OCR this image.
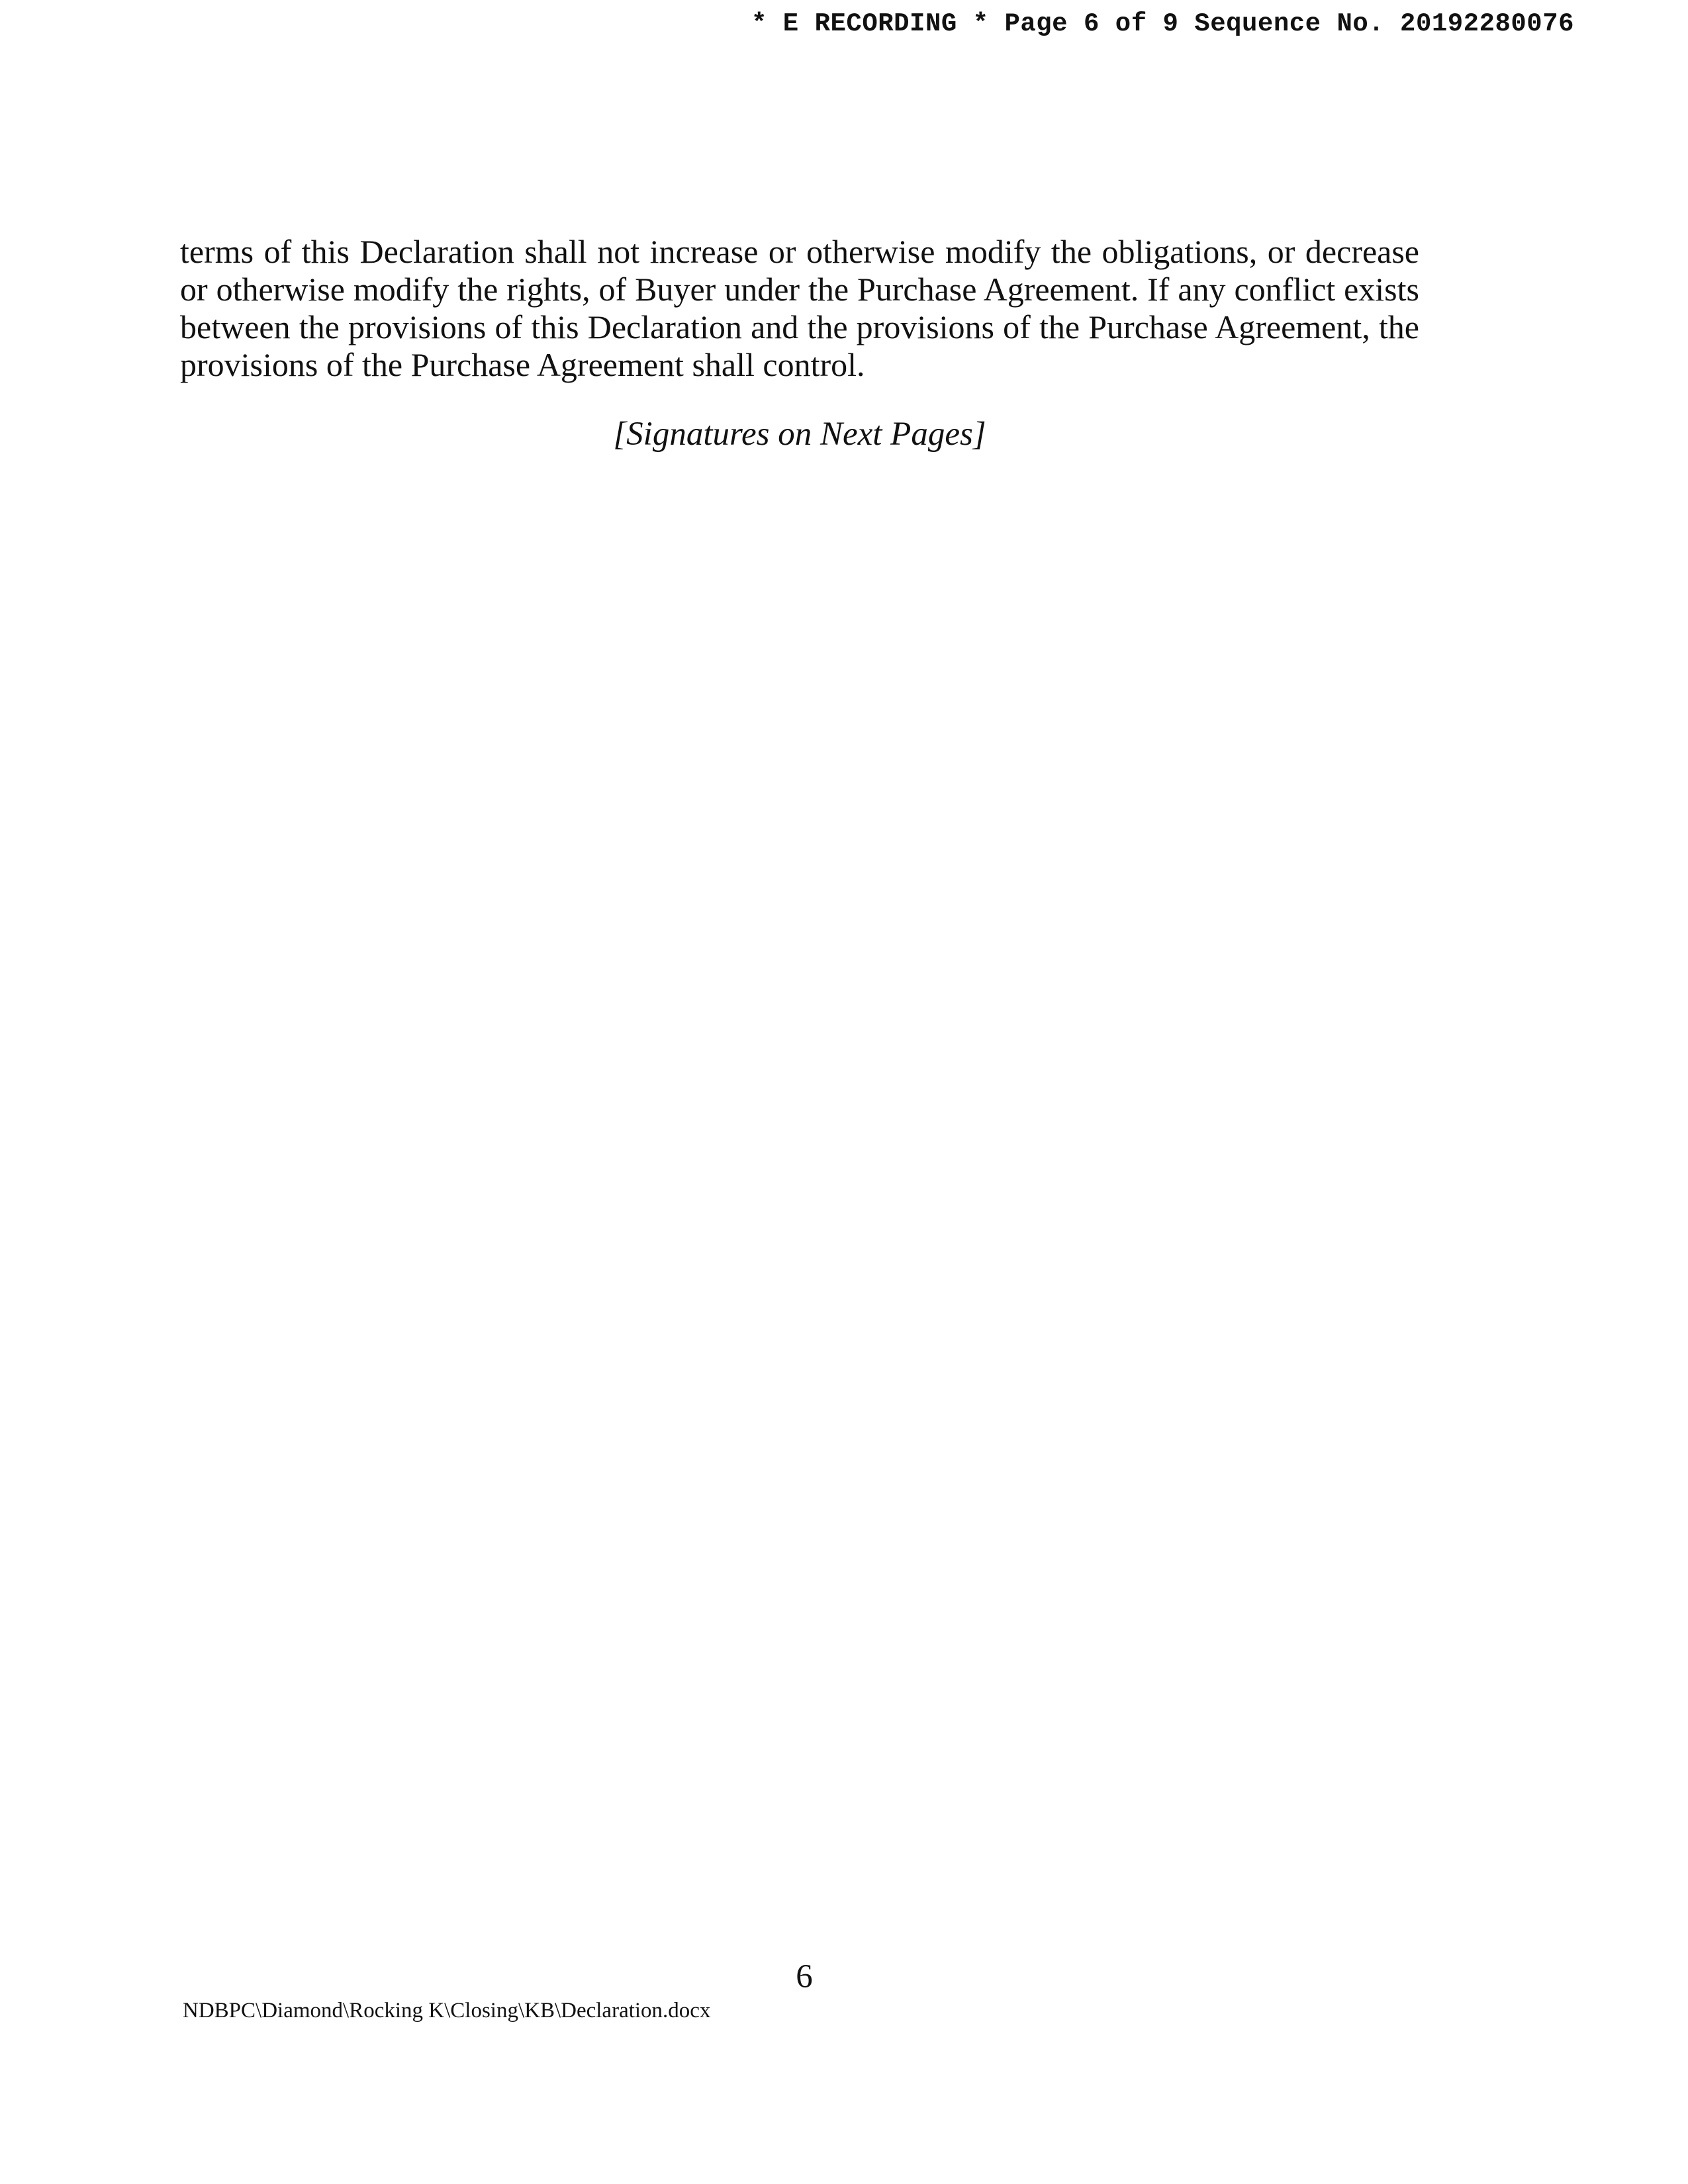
* E RECORDING * Page 6 of 9 Sequence No. 20192280076

terms of this Declaration shall not increase or otherwise modify the obligations, or decrease or otherwise modify the rights, of Buyer under the Purchase Agreement. If any conflict exists between the provisions of this Declaration and the provisions of the Purchase Agreement, the provisions of the Purchase Agreement shall control.

[Signatures on Next Pages]

6
NDBPC\Diamond\Rocking K\Closing\KB\Declaration.docx
